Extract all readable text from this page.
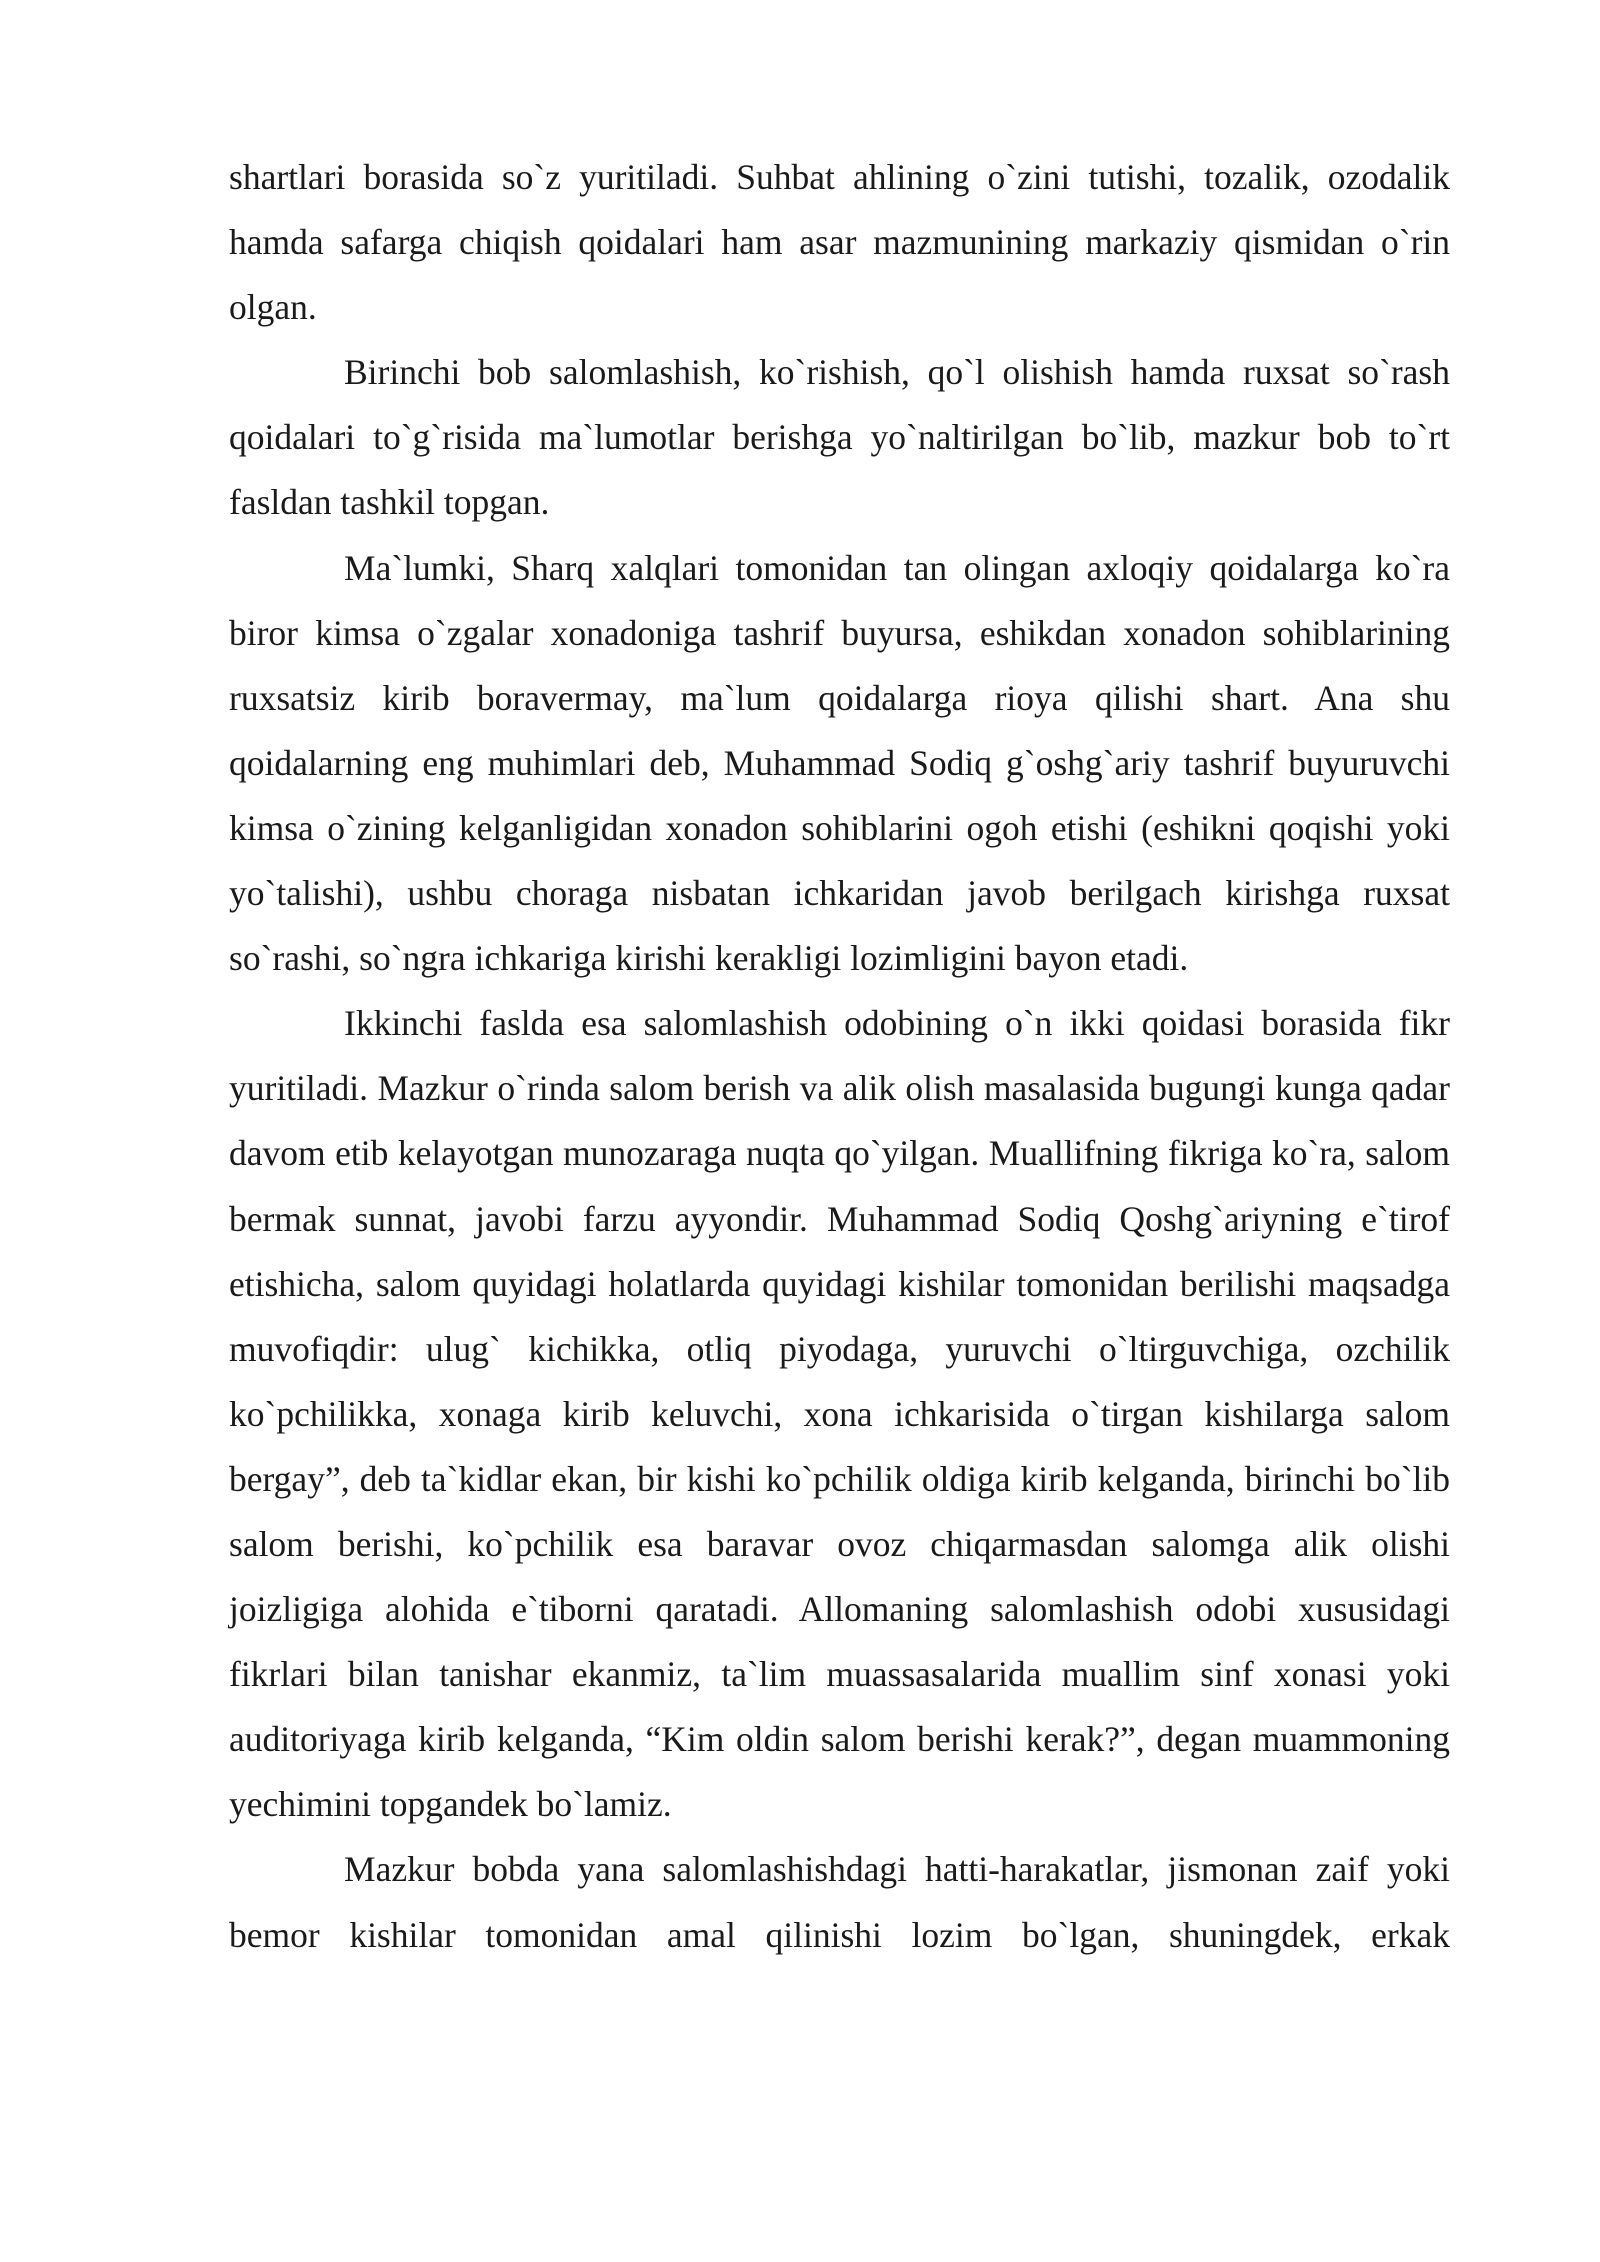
shartlari borasida so`z yuritiladi. Suhbat ahlining o`zini tutishi, tozalik, ozodalik hamda safarga chiqish qoidalari ham asar mazmunining markaziy qismidan o`rin olgan.

Birinchi bob salomlashish, ko`rishish, qo`l olishish hamda ruxsat so`rash qoidalari to`g`risida ma`lumotlar berishga yo`naltirilgan bo`lib, mazkur bob to`rt fasldan tashkil topgan.

Ma`lumki, Sharq xalqlari tomonidan tan olingan axloqiy qoidalarga ko`ra biror kimsa o`zgalar xonadoniga tashrif buyursa, eshikdan xonadon sohiblarining ruxsatsiz kirib boravermay, ma`lum qoidalarga rioya qilishi shart. Ana shu qoidalarning eng muhimlari deb, Muhammad Sodiq g`oshg`ariy tashrif buyuruvchi kimsa o`zining kelganligidan xonadon sohiblarini ogoh etishi (eshikni qoqishi yoki yo`talishi), ushbu choraga nisbatan ichkaridan javob berilgach kirishga ruxsat so`rashi, so`ngra ichkariga kirishi kerakligi lozimligini bayon etadi.

Ikkinchi faslda esa salomlashish odobining o`n ikki qoidasi borasida fikr yuritiladi. Mazkur o`rinda salom berish va alik olish masalasida bugungi kunga qadar davom etib kelayotgan munozaraga nuqta qo`yilgan. Muallifning fikriga ko`ra, salom bermak sunnat, javobi farzu ayyondir. Muhammad Sodiq Qoshg`ariyning e`tirof etishicha, salom quyidagi holatlarda quyidagi kishilar tomonidan berilishi maqsadga muvofiqdir: ulug` kichikka, otliq piyodaga, yuruvchi o`ltirguvchiga, ozchilik ko`pchilikka, xonaga kirib keluvchi, xona ichkarisida o`tirgan kishilarga salom bergay”, deb ta`kidlar ekan, bir kishi ko`pchilik oldiga kirib kelganda, birinchi bo`lib salom berishi, ko`pchilik esa baravar ovoz chiqarmasdan salomga alik olishi joizligiga alohida e`tiborni qaratadi. Allomaning salomlashish odobi xususidagi fikrlari bilan tanishar ekanmiz, ta`lim muassasalarida muallim sinf xonasi yoki auditoriyaga kirib kelganda, “Kim oldin salom berishi kerak?”, degan muammoning yechimini topgandek bo`lamiz.

Mazkur bobda yana salomlashishdagi hatti-harakatlar, jismonan zaif yoki bemor kishilar tomonidan amal qilinishi lozim bo`lgan, shuningdek, erkak
